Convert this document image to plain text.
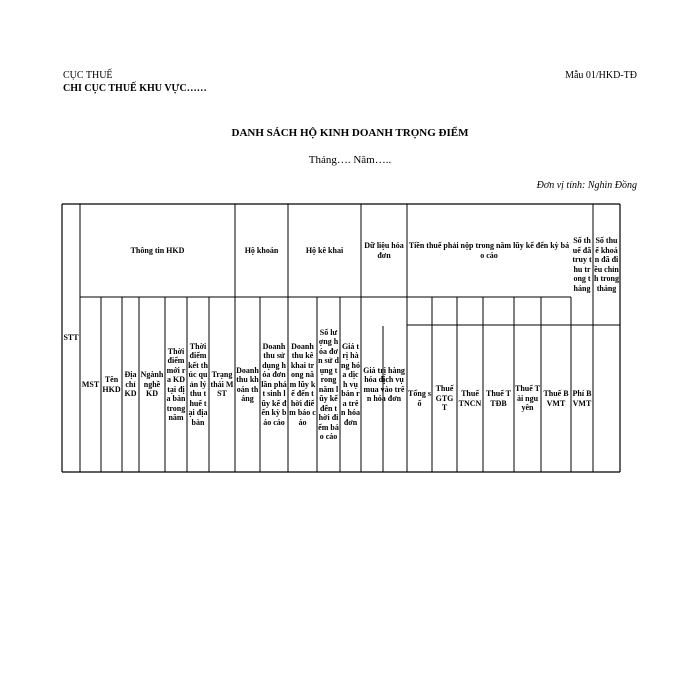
CỤC THUẾ
CHI CỤC THUẾ KHU VỰC……
Mẫu 01/HKD-TĐ
DANH SÁCH HỘ KINH DOANH TRỌNG ĐIỂM
Tháng…. Năm…..
Đơn vị tính: Nghìn Đồng
STT
Thông tin HKD	Hộ khoán	Hộ kê khai
Dữ liệu hóa đơn
Tiền thuế phải nộp trong năm lũy kế đến kỳ báo cáo
Số thuế đã truy thu trong tháng
Số thuế khoán đã điều chỉnh trong tháng
MST
Tên HKD
Địa chỉ KD
Ngành nghề KD
Thời điểm mới ra KD tại địa bàn trong năm
Thời điểm kết thúc quản lý thu thuế tại địa bàn
Trạng thái MST
Doanh thu khoán tháng
Doanh thu sử dụng hóa đơn lần phát sinh lũy kế đến kỳ báo cáo
Doanh thu kê khai trong năm lũy kế đến thời điểm báo cáo
Số lượng hóa đơn sử dụng trong năm lũy kế đến thời điểm báo cáo
Giá trị hàng hóa dịch vụ bán ra trên hóa đơn
Giá trị hàng hóa dịch vụ mua vào trên hóa đơn
Tổng số
Thuế GTGT
Thuế TNCN
Thuế TTĐB
Thuế Tài nguyên
Thuế BVMT
Phí BVMT
